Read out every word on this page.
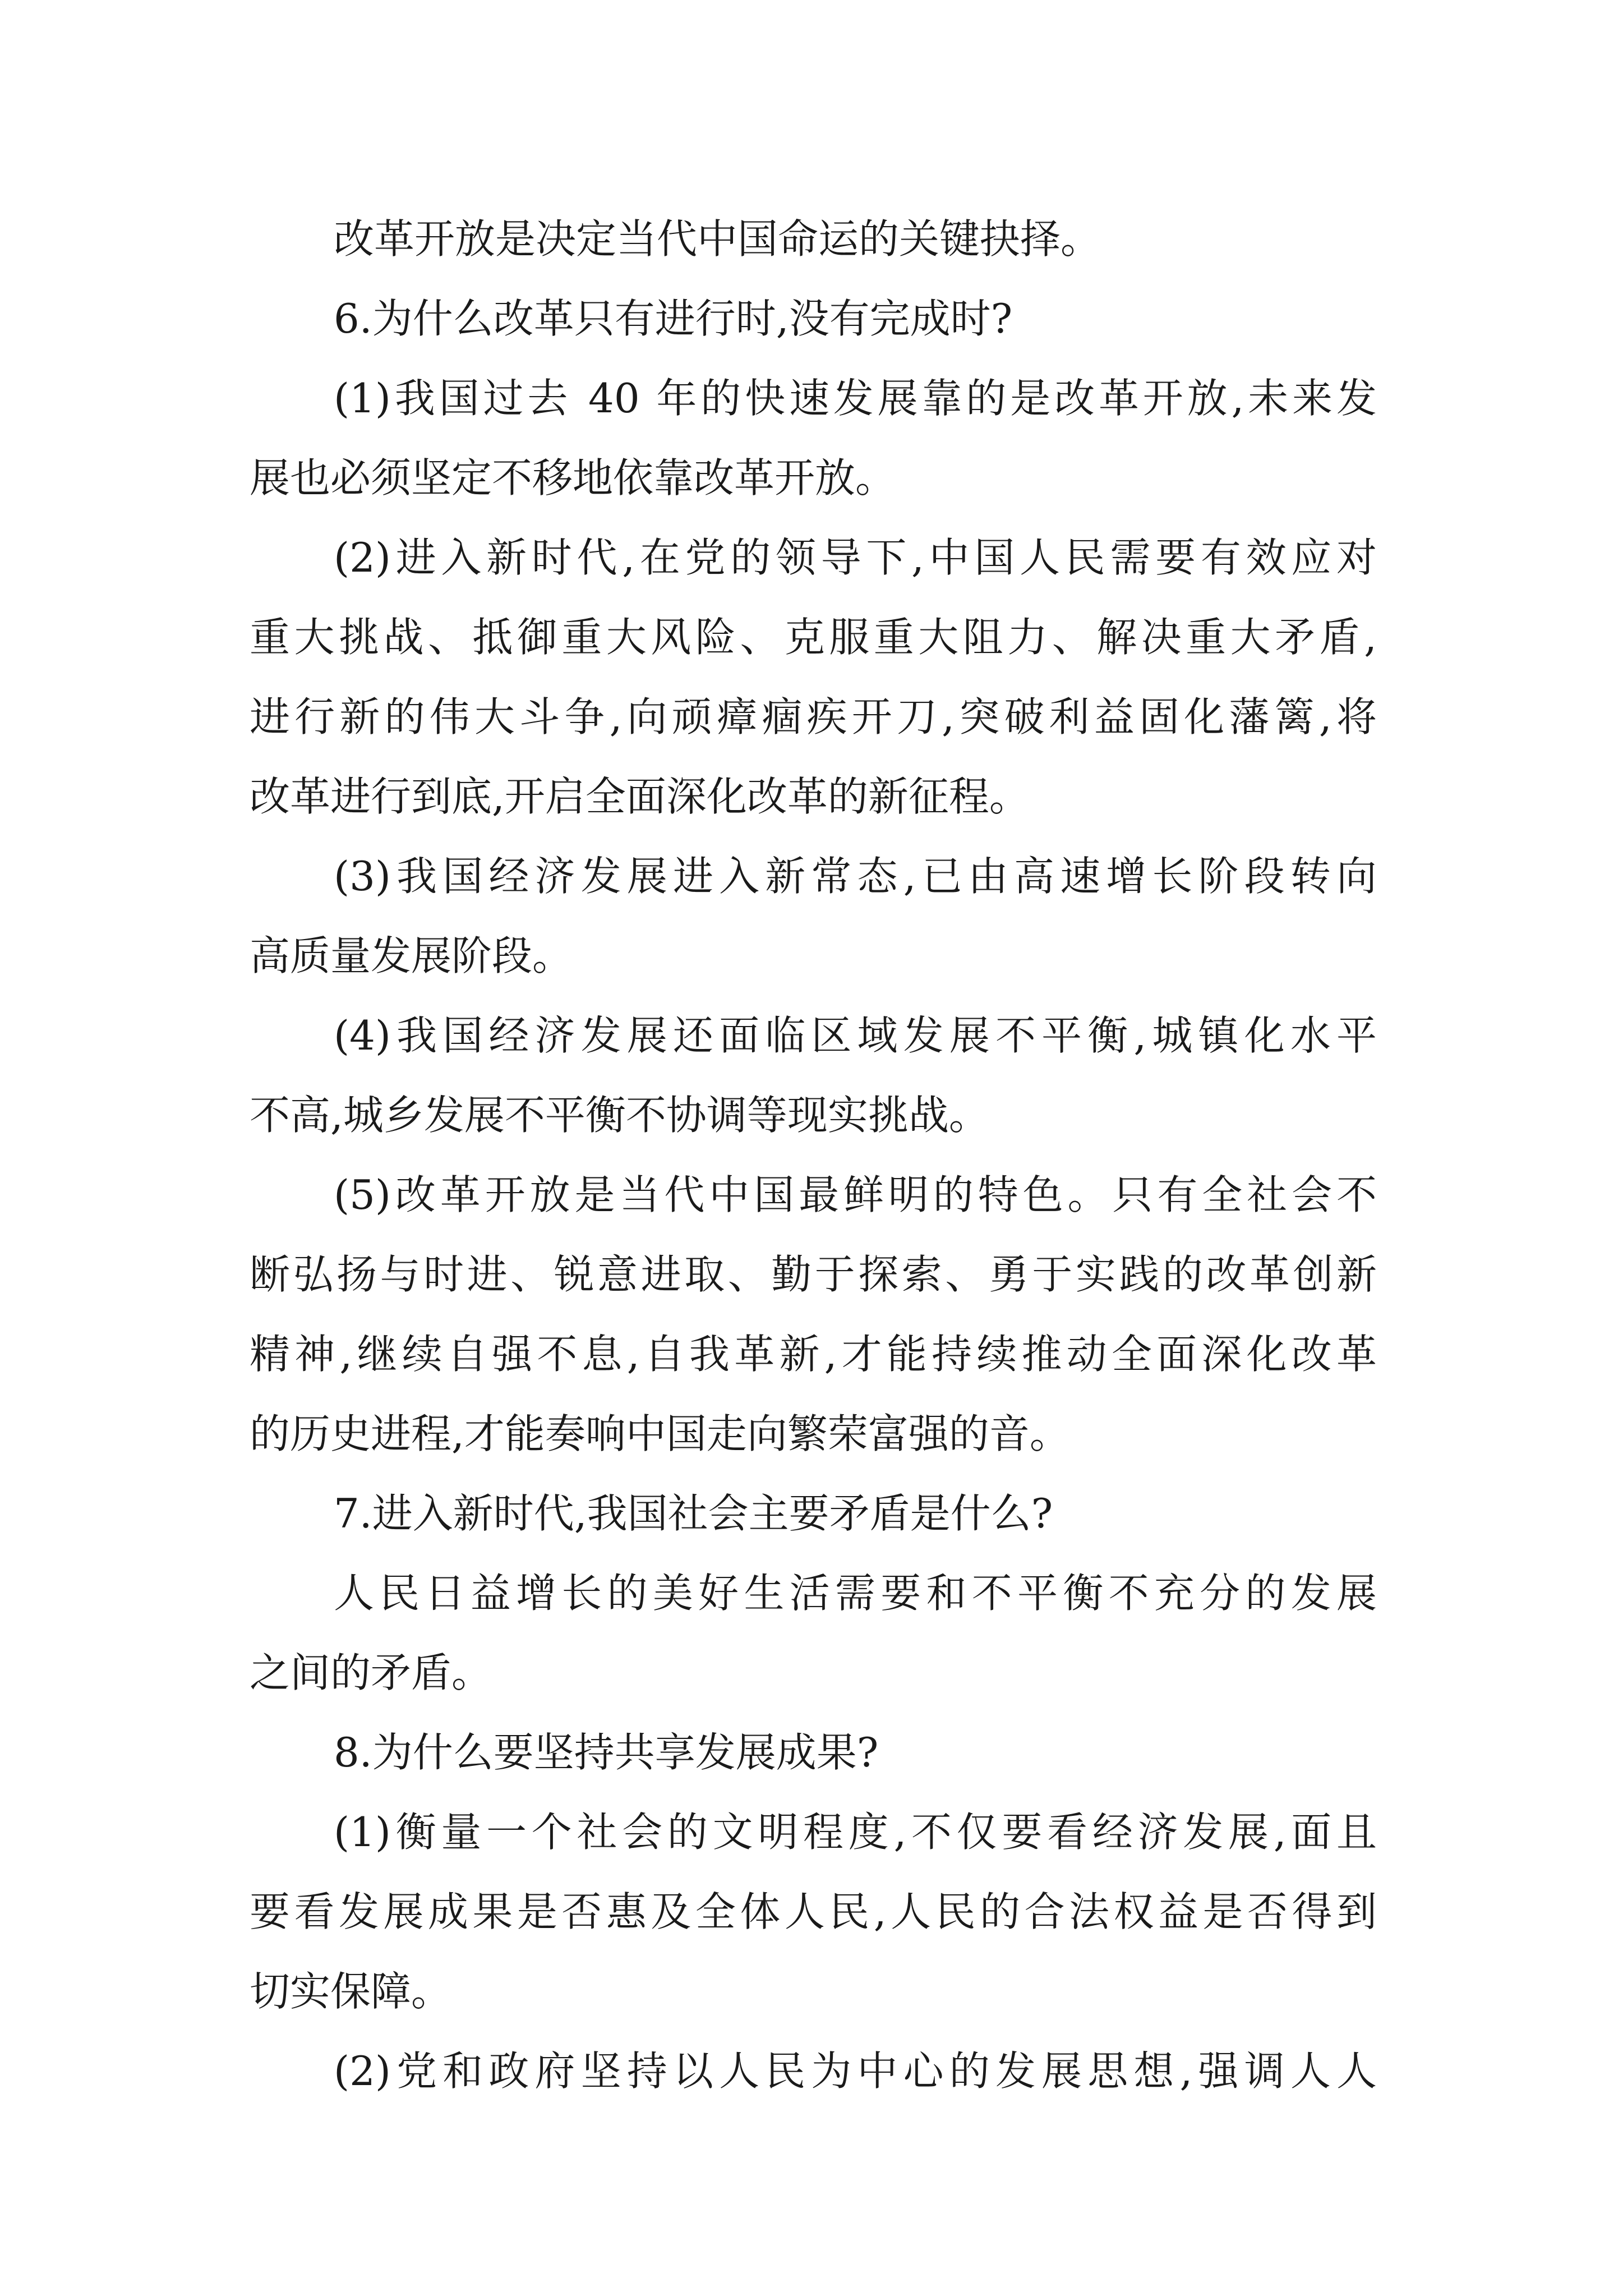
改革开放是决定当代中国命运的关键抉择。
6.为什么改革只有进行时,没有完成时?
(1)我国过去 40 年的快速发展靠的是改革开放,未来发
展也必须坚定不移地依靠改革开放。
(2)进入新时代,在党的领导下,中国人民需要有效应对
重大挑战、抵御重大风险、克服重大阻力、解决重大矛盾,
进行新的伟大斗争,向顽瘴痼疾开刀,突破利益固化藩篱,将
改革进行到底,开启全面深化改革的新征程。
(3)我国经济发展进入新常态,已由高速增长阶段转向
高质量发展阶段。
(4)我国经济发展还面临区域发展不平衡,城镇化水平
不高,城乡发展不平衡不协调等现实挑战。
(5)改革开放是当代中国最鲜明的特色。只有全社会不
断弘扬与时进、锐意进取、勤于探索、勇于实践的改革创新
精神,继续自强不息,自我革新,才能持续推动全面深化改革
的历史进程,才能奏响中国走向繁荣富强的音。
7.进入新时代,我国社会主要矛盾是什么?
人民日益增长的美好生活需要和不平衡不充分的发展
之间的矛盾。
8.为什么要坚持共享发展成果?
(1)衡量一个社会的文明程度,不仅要看经济发展,面且
要看发展成果是否惠及全体人民,人民的合法权益是否得到
切实保障。
(2)党和政府坚持以人民为中心的发展思想,强调人人
